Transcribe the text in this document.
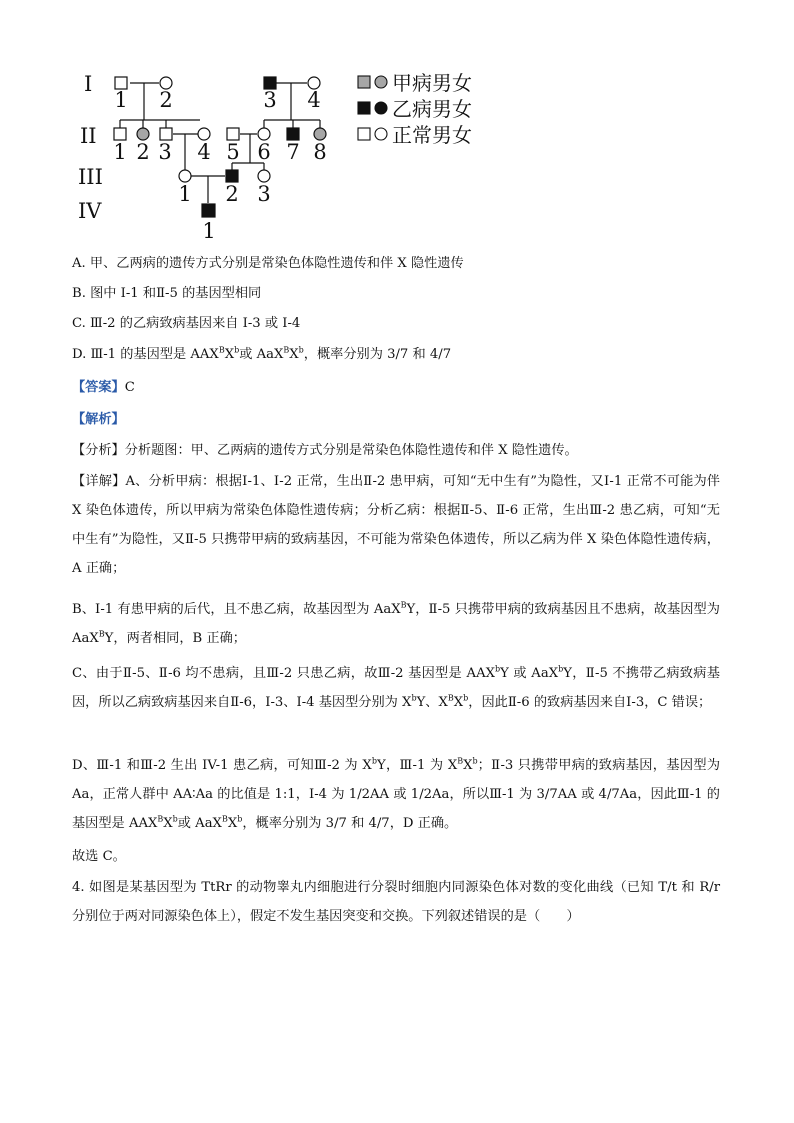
I
II
III
IV
1 2	3 4
1 2 3 4 5 6 7 8
1 2 3
1
甲病男女
乙病男女
正常男女
A. 甲、乙两病的遗传方式分别是常染色体隐性遗传和伴 X 隐性遗传
B. 图中 I-1 和Ⅱ-5 的基因型相同
C. Ⅲ-2 的乙病致病基因来自 I-3 或 I-4
D. Ⅲ-1 的基因型是 $AAX^BX^b$或 $AaX^BX^b$，概率分别为 3/7 和 4/7
【答案】C
【解析】
【分析】分析题图：甲、乙两病的遗传方式分别是常染色体隐性遗传和伴 X 隐性遗传。
【详解】A、分析甲病：根据Ⅰ-1、Ⅰ-2 正常，生出Ⅱ-2 患甲病，可知“无中生有”为隐性，又Ⅰ-1 正常不可能为伴 X 染色体遗传，所以甲病为常染色体隐性遗传病；分析乙病：根据Ⅱ-5、Ⅱ-6 正常，生出Ⅲ-2 患乙病，可知“无中生有”为隐性，又Ⅱ-5 只携带甲病的致病基因，不可能为常染色体遗传，所以乙病为伴 X 染色体隐性遗传病，A 正确；
B、Ⅰ-1 有患甲病的后代，且不患乙病，故基因型为 AaX$^B$Y，Ⅱ-5 只携带甲病的致病基因且不患病，故基因型为 AaX$^B$Y，两者相同，B 正确；
C、由于Ⅱ-5、Ⅱ-6 均不患病，且Ⅲ-2 只患乙病，故Ⅲ-2 基因型是 AAX$^b$Y 或 AaX$^b$Y，Ⅱ-5 不携带乙病致病基因，所以乙病致病基因来自Ⅱ-6，Ⅰ-3、Ⅰ-4 基因型分别为 $X^bY$、$X^BX^b$，因此Ⅱ-6 的致病基因来自Ⅰ-3，C 错误；
D、Ⅲ-1 和Ⅲ-2 生出 IV-1 患乙病，可知Ⅲ-2 为 $X^bY$，Ⅲ-1 为 $X^BX^b$；Ⅱ-3 只携带甲病的致病基因，基因型为 Aa，正常人群中 AA∶Aa 的比值是 1:1，Ⅰ-4 为 1/2AA 或 1/2Aa，所以Ⅲ-1 为 3/7AA 或 4/7Aa，因此Ⅲ-1 的基因型是 $AAX^BX^b$或 $AaX^BX^b$，概率分别为 3/7 和 4/7，D 正确。
故选 C。
4. 如图是某基因型为 TtRr 的动物睾丸内细胞进行分裂时细胞内同源染色体对数的变化曲线（已知 T/t 和 R/r 分别位于两对同源染色体上），假定不发生基因突变和交换。下列叙述错误的是（　　）
